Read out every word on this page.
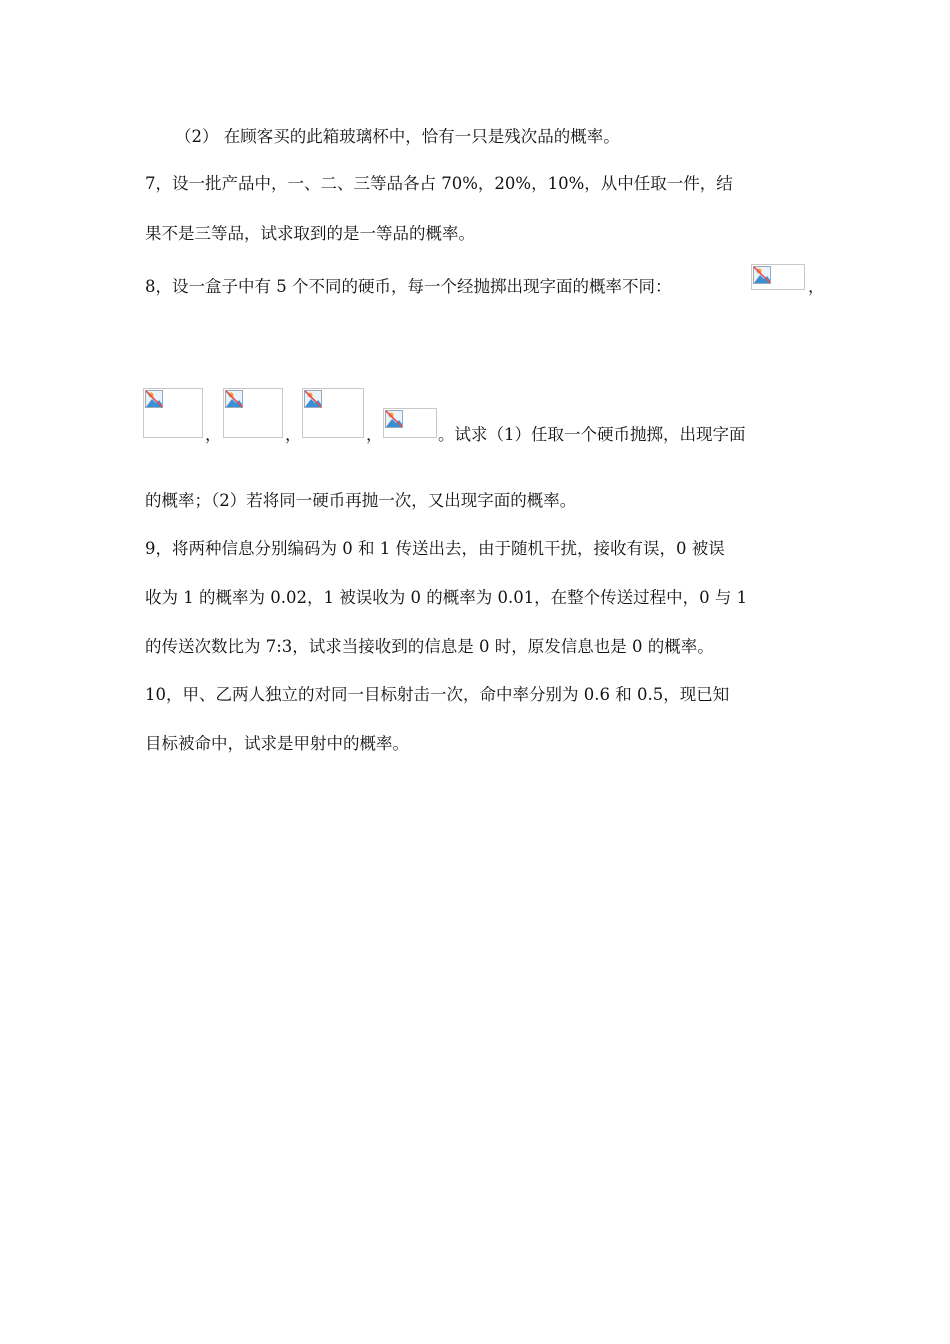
（2） 在顾客买的此箱玻璃杯中，恰有一只是残次品的概率。
7，设一批产品中，一、二、三等品各占 70%，20%，10%，从中任取一件，结
果不是三等品，试求取到的是一等品的概率。
8，设一盒子中有 5 个不同的硬币，每一个经抛掷出现字面的概率不同：	，
，	，	，	。试求（1）任取一个硬币抛掷，出现字面
的概率；（2）若将同一硬币再抛一次，又出现字面的概率。
9，将两种信息分别编码为 0 和 1 传送出去，由于随机干扰，接收有误，0 被误
收为 1 的概率为 0.02，1 被误收为 0 的概率为 0.01，在整个传送过程中，0 与 1
的传送次数比为 7:3，试求当接收到的信息是 0 时，原发信息也是 0 的概率。
10，甲、乙两人独立的对同一目标射击一次，命中率分别为 0.6 和 0.5，现已知
目标被命中，试求是甲射中的概率。
